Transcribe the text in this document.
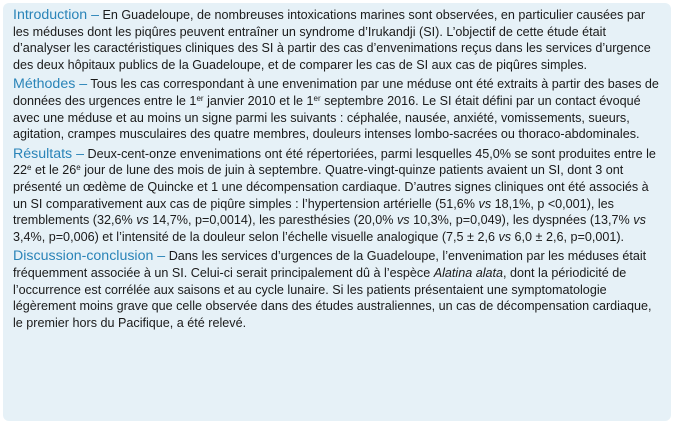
Introduction – En Guadeloupe, de nombreuses intoxications marines sont observées, en particulier causées par les méduses dont les piqûres peuvent entraîner un syndrome d’Irukandji (SI). L’objectif de cette étude était d’analyser les caractéristiques cliniques des SI à partir des cas d’envenimations reçus dans les services d’urgence des deux hôpitaux publics de la Guadeloupe, et de comparer les cas de SI aux cas de piqûres simples.

Méthodes – Tous les cas correspondant à une envenimation par une méduse ont été extraits à partir des bases de données des urgences entre le 1er janvier 2010 et le 1er septembre 2016. Le SI était défini par un contact évoqué avec une méduse et au moins un signe parmi les suivants : céphalée, nausée, anxiété, vomissements, sueurs, agitation, crampes musculaires des quatre membres, douleurs intenses lombo-sacrées ou thoraco-abdominales.

Résultats – Deux-cent-onze envenimations ont été répertoriées, parmi lesquelles 45,0% se sont produites entre le 22e et le 26e jour de lune des mois de juin à septembre. Quatre-vingt-quinze patients avaient un SI, dont 3 ont présenté un œdème de Quincke et 1 une décompensation cardiaque. D’autres signes cliniques ont été associés à un SI comparativement aux cas de piqûre simples : l’hypertension artérielle (51,6% vs 18,1%, p <0,001), les tremblements (32,6% vs 14,7%, p=0,0014), les paresthésies (20,0% vs 10,3%, p=0,049), les dyspnées (13,7% vs 3,4%, p=0,006) et l’intensité de la douleur selon l’échelle visuelle analogique (7,5 ± 2,6 vs 6,0 ± 2,6, p=0,001).

Discussion-conclusion – Dans les services d’urgences de la Guadeloupe, l’envenimation par les méduses était fréquemment associée à un SI. Celui-ci serait principalement dû à l’espèce Alatina alata, dont la périodicité de l’occurrence est corrélée aux saisons et au cycle lunaire. Si les patients présentaient une symptomatologie légèrement moins grave que celle observée dans des études australiennes, un cas de décompensation cardiaque, le premier hors du Pacifique, a été relevé.
